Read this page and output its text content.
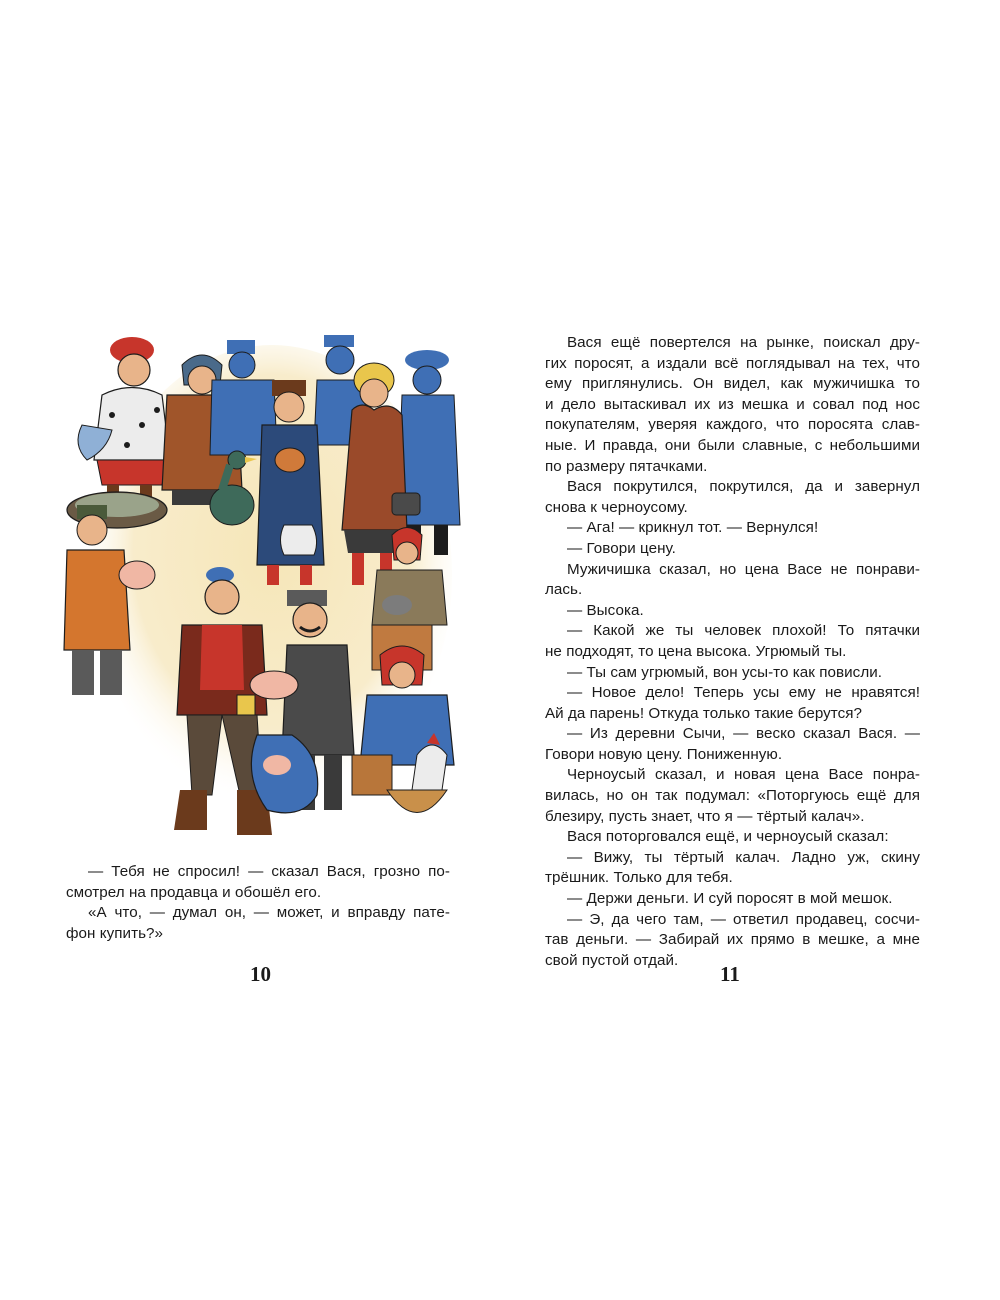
— Тебя не спросил! — сказал Вася, грозно по-
смотрел на продавца и обошёл его.
«А что, — думал он, — может, и вправду пате-
фон купить?»
10
Вася ещё повертелся на рынке, поискал дру-
гих поросят, а издали всё поглядывал на тех, что
ему приглянулись. Он видел, как мужичишка то
и дело вытаскивал их из мешка и совал под нос
покупателям, уверяя каждого, что поросята слав-
ные. И правда, они были славные, с небольшими
по размеру пятачками.
Вася покрутился, покрутился, да и завернул
снова к черноусому.
— Ага! — крикнул тот. — Вернулся!
— Говори цену.
Мужичишка сказал, но цена Васе не понрави-
лась.
— Высока.
— Какой же ты человек плохой! То пятачки
не подходят, то цена высока. Угрюмый ты.
— Ты сам угрюмый, вон усы-то как повисли.
— Новое дело! Теперь усы ему не нравятся!
Ай да парень! Откуда только такие берутся?
— Из деревни Сычи, — веско сказал Вася. —
Говори новую цену. Пониженную.
Черноусый сказал, и новая цена Васе понра-
вилась, но он так подумал: «Поторгуюсь ещё для
блезиру, пусть знает, что я — тёртый калач».
Вася поторговался ещё, и черноусый сказал:
— Вижу, ты тёртый калач. Ладно уж, скину
трёшник. Только для тебя.
— Держи деньги. И суй поросят в мой мешок.
— Э, да чего там, — ответил продавец, сосчи-
тав деньги. — Забирай их прямо в мешке, а мне
свой пустой отдай.
11
